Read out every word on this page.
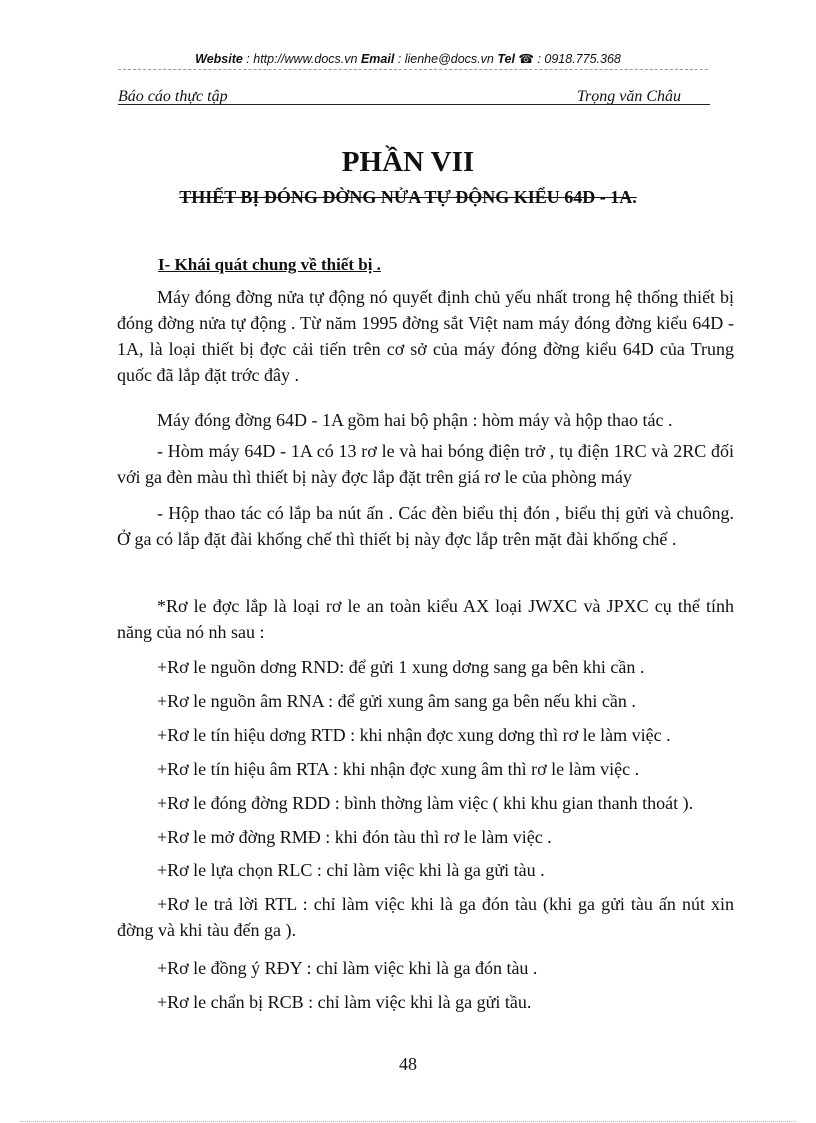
Website : http://www.docs.vn Email : lienhe@docs.vn Tel ☎ : 0918.775.368
Báo cáo thực tập	Trọng văn Châu
PHẦN VII
THIẾT BỊ ĐÓNG ĐỜNG NỬA TỰ ĐỘNG KIỂU 64D - 1A.
I- Khái quát chung về thiết bị .
Máy đóng đờng nửa tự động nó quyết định chủ yếu nhất trong hệ thống thiết bị đóng đờng nửa tự động . Từ năm 1995 đờng sắt Việt nam máy đóng đờng kiểu 64D - 1A, là loại thiết bị đợc cải tiến trên cơ sở của máy đóng đờng kiểu 64D của Trung quốc đã lắp đặt trớc đây .
Máy đóng đờng 64D - 1A gồm hai bộ phận : hòm máy và hộp thao tác .
- Hòm máy 64D - 1A có 13 rơ le và hai bóng điện trở , tụ điện 1RC và 2RC đối với ga đèn màu thì thiết bị này đợc lắp đặt trên giá rơ le của phòng máy
- Hộp thao tác có lắp ba nút ấn . Các đèn biểu thị đón , biểu thị gửi và chuông. Ở ga có lắp đặt đài khống chế thì thiết bị này đợc lắp trên mặt đài khống chế .
*Rơ le đợc lắp là loại rơ le an toàn kiểu AX loại JWXC và JPXC cụ thể tính năng của nó nh sau :
+Rơ le nguồn dơng RND: để gửi 1 xung dơng sang ga bên khi cần .
+Rơ le nguồn âm RNA : để gửi xung âm sang ga bên nếu khi cần .
+Rơ le tín hiệu dơng RTD : khi nhận đợc xung dơng thì rơ le làm việc .
+Rơ le tín hiệu âm RTA : khi nhận đợc xung âm thì rơ le làm việc .
+Rơ le đóng đờng RDD : bình thờng làm việc ( khi khu gian thanh thoát ).
+Rơ le mở đờng RMĐ : khi đón tàu thì rơ le làm việc .
+Rơ le lựa chọn RLC : chỉ làm việc khi là ga gửi tàu .
+Rơ le trả lời RTL : chỉ làm việc khi là ga đón tàu (khi ga gửi tàu ấn nút xin đờng và khi tàu đến ga ).
+Rơ le đồng ý RĐY : chỉ làm việc khi là ga đón tàu .
+Rơ le chẩn bị RCB : chỉ làm việc khi là ga gửi tầu.
48
